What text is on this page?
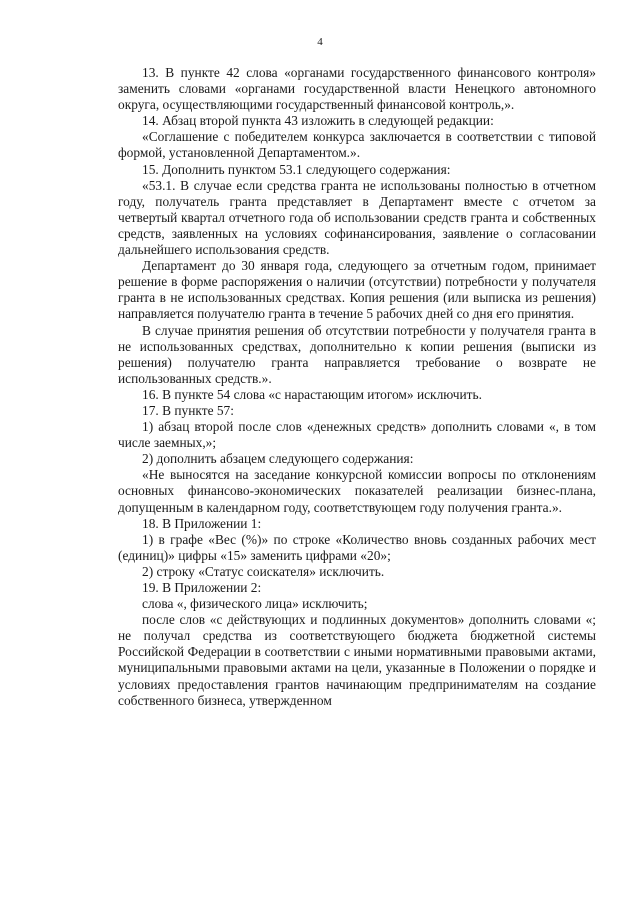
4

13. В пункте 42 слова «органами государственного финансового контроля» заменить словами «органами государственной власти Ненецкого автономного округа, осуществляющими государственный финансовой контроль,».

14. Абзац второй пункта 43 изложить в следующей редакции:

«Соглашение с победителем конкурса заключается в соответствии с типовой формой, установленной Департаментом.».

15. Дополнить пунктом 53.1 следующего содержания:

«53.1. В случае если средства гранта не использованы полностью в отчетном году, получатель гранта представляет в Департамент вместе с отчетом за четвертый квартал отчетного года об использовании средств гранта и собственных средств, заявленных на условиях софинансирования, заявление о согласовании дальнейшего использования средств.

Департамент до 30 января года, следующего за отчетным годом, принимает решение в форме распоряжения о наличии (отсутствии) потребности у получателя гранта в не использованных средствах. Копия решения (или выписка из решения) направляется получателю гранта в течение 5 рабочих дней со дня его принятия.

В случае принятия решения об отсутствии потребности у получателя гранта в не использованных средствах, дополнительно к копии решения (выписки из решения) получателю гранта направляется требование о возврате не использованных средств.».

16. В пункте 54 слова «с нарастающим итогом» исключить.

17. В пункте 57:

1) абзац второй после слов «денежных средств» дополнить словами «, в том числе заемных,»;

2) дополнить абзацем следующего содержания:

«Не выносятся на заседание конкурсной комиссии вопросы по отклонениям основных финансово-экономических показателей реализации бизнес-плана, допущенным в календарном году, соответствующем году получения гранта.».

18. В Приложении 1:

1) в графе «Вес (%)» по строке «Количество вновь созданных рабочих мест (единиц)» цифры «15» заменить цифрами «20»;

2) строку «Статус соискателя» исключить.

19. В Приложении 2:

слова «, физического лица» исключить;

после слов «с действующих и подлинных документов» дополнить словами «; не получал средства из соответствующего бюджета бюджетной системы Российской Федерации в соответствии с иными нормативными правовыми актами, муниципальными правовыми актами на цели, указанные в Положении о порядке и условиях предоставления грантов начинающим предпринимателям на создание собственного бизнеса, утвержденном
